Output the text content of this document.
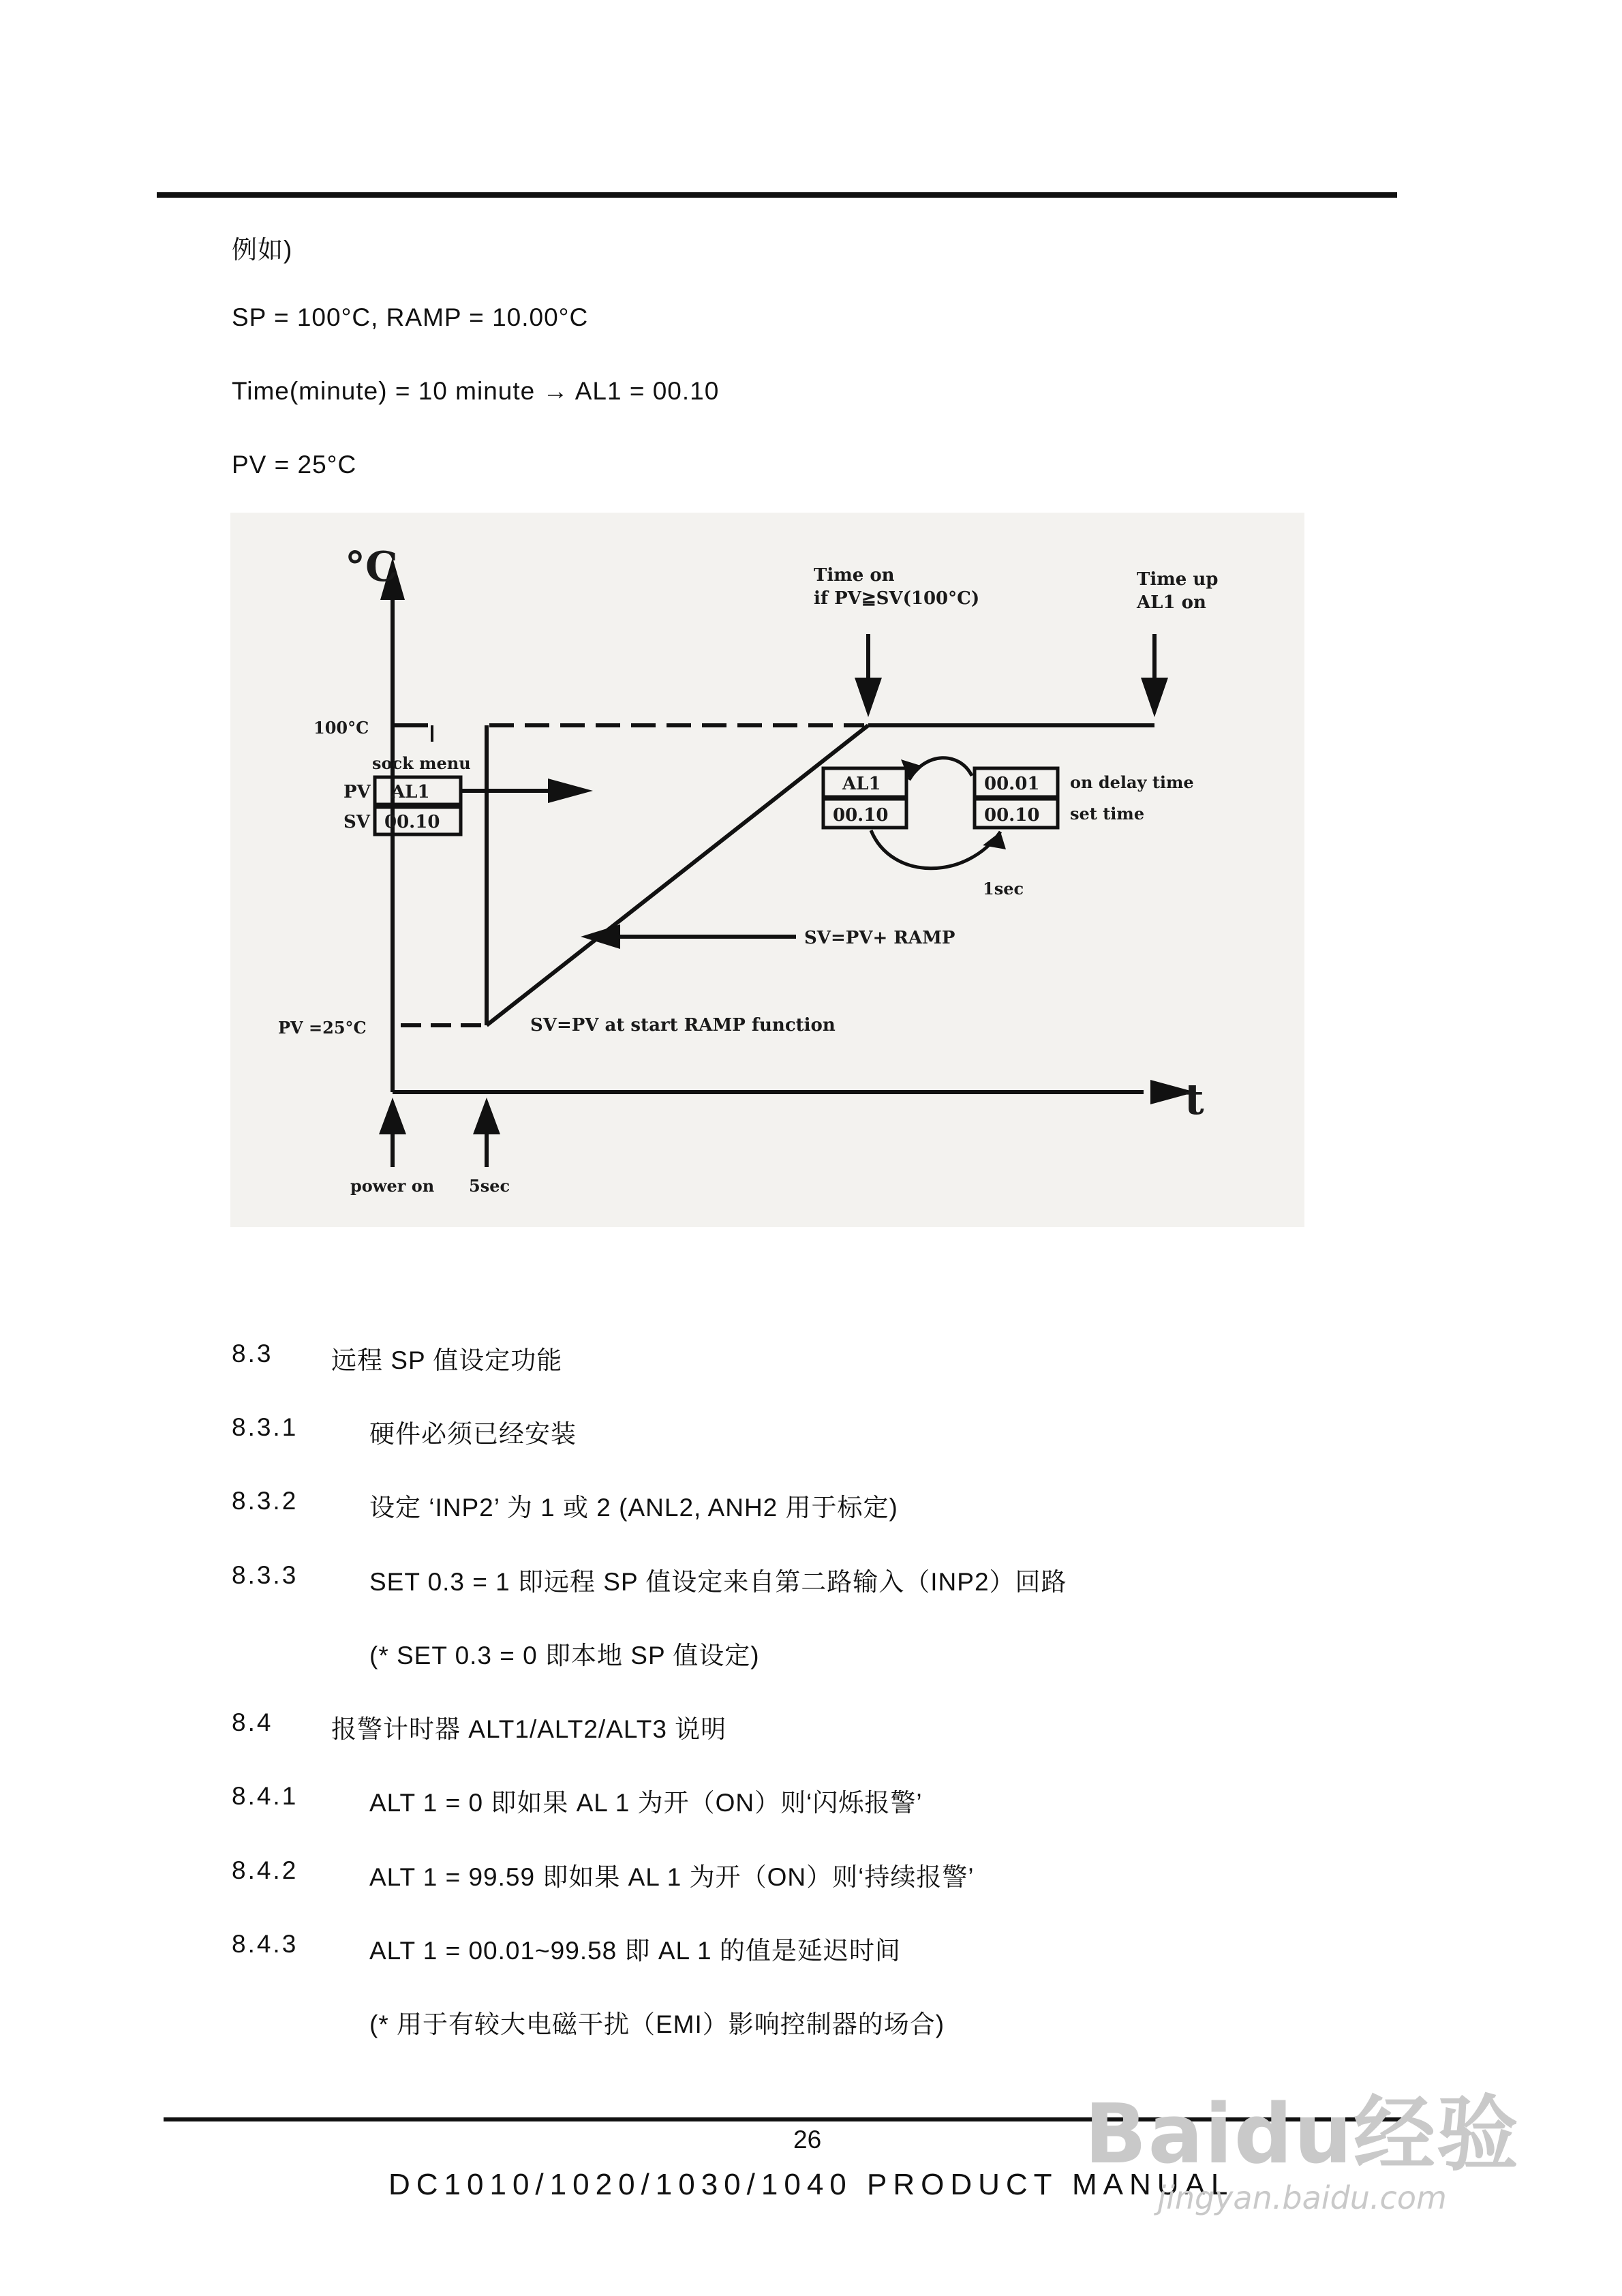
例如)
SP = 100°C, RAMP = 10.00°C
Time(minute) = 10 minute → AL1 = 00.10
PV = 25°C
°C
t
100°C
PV =25°C
Time on
if PV≧SV(100°C)
Time up
AL1 on
sock menu
PV
SV
AL1
00.10
AL1
00.10
00.01
00.10
on delay time
set time
1sec
SV=PV+ RAMP
SV=PV at start RAMP function
power on 5sec
8.3 远程 SP 值设定功能
8.3.1	硬件必须已经安装
8.3.2	设定 ‘INP2’ 为 1 或 2 (ANL2, ANH2 用于标定)
8.3.3	SET 0.3 = 1 即远程 SP 值设定来自第二路输入（INP2）回路
(* SET 0.3 = 0 即本地 SP 值设定)
8.4 报警计时器 ALT1/ALT2/ALT3 说明
8.4.1	ALT 1 = 0 即如果 AL 1 为开（ON）则‘闪烁报警’
8.4.2	ALT 1 = 99.59 即如果 AL 1 为开（ON）则‘持续报警’
8.4.3	ALT 1 = 00.01~99.58 即 AL 1 的值是延迟时间
(* 用于有较大电磁干扰（EMI）影响控制器的场合)
26
DC1010/1020/1030/1040 PRODUCT MANUAL
Baidu经验
jingyan.baidu.com
